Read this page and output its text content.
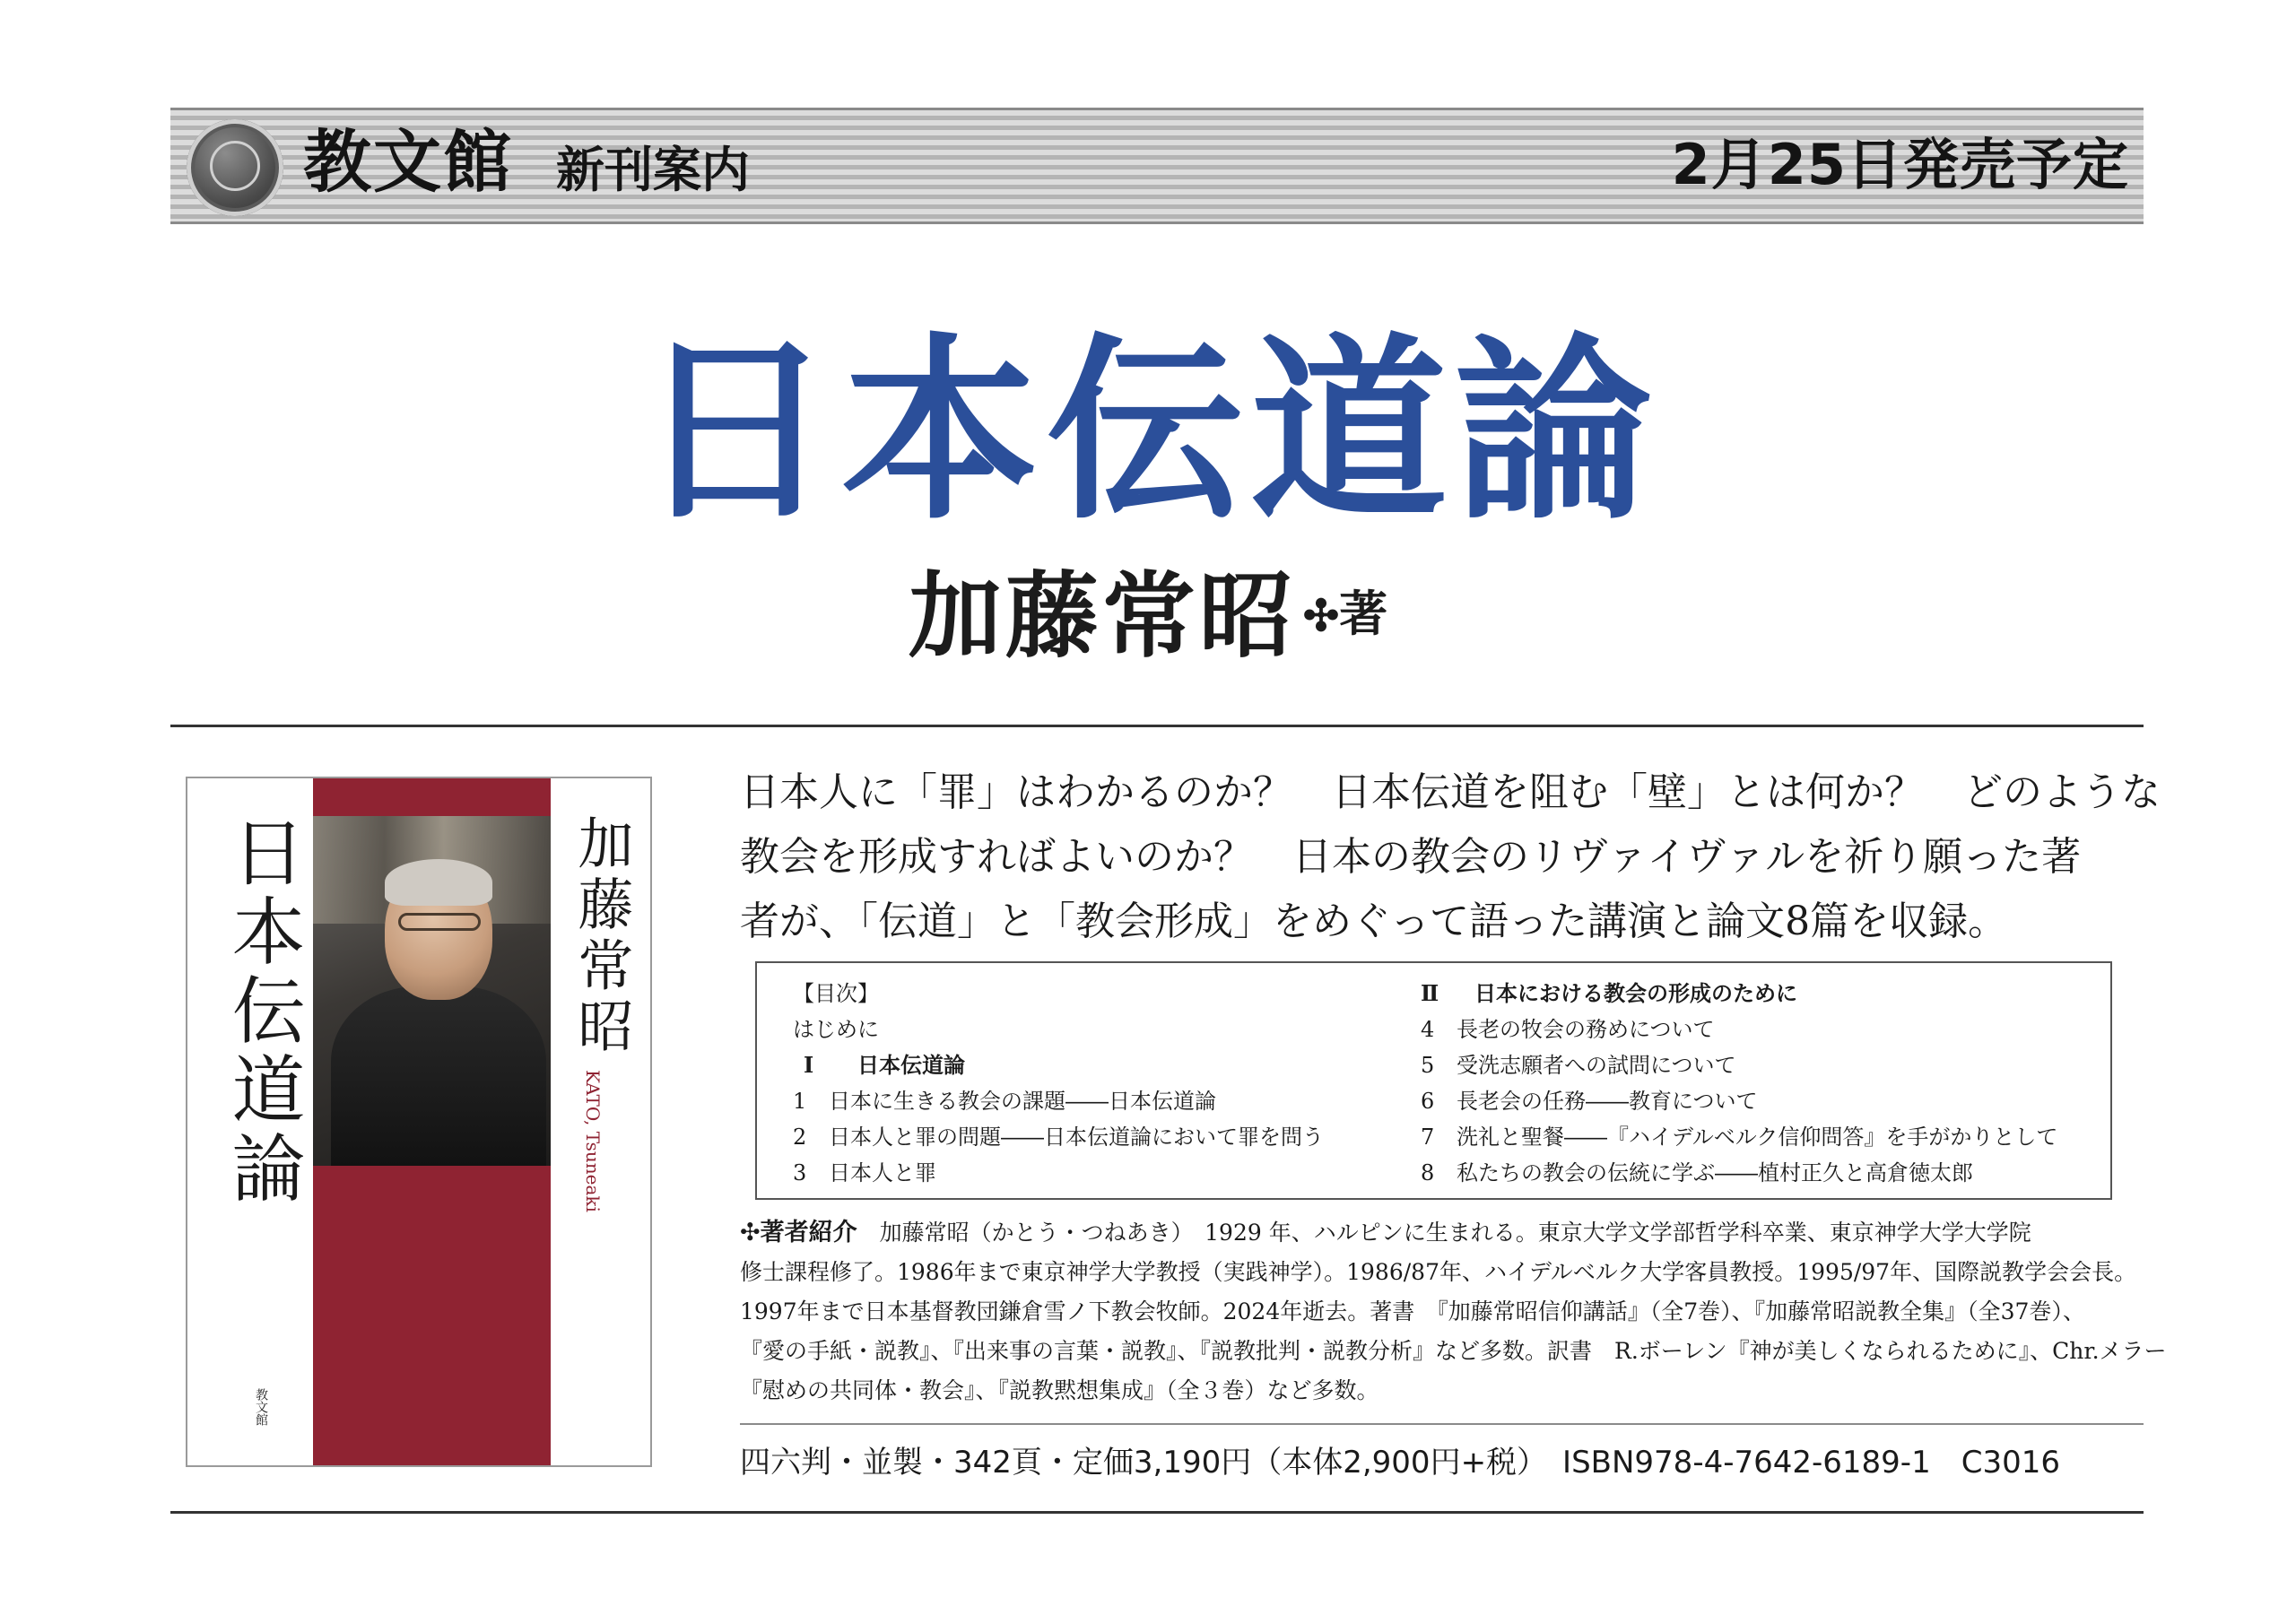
教文館 新刊案内	2月25日発売予定
日本伝道論
加藤常昭 ✣著
日本伝道論
教文館
加藤常昭
KATO, Tsuneaki
日本人に「罪」はわかるのか？　日本伝道を阻む「壁」とは何か？　どのような
教会を形成すればよいのか？　日本の教会のリヴァイヴァルを祈り願った著
者が、「伝道」と「教会形成」をめぐって語った講演と論文8篇を収録。
【目次】
はじめに
Ⅰ 日本伝道論
1 日本に生きる教会の課題――日本伝道論
2 日本人と罪の問題――日本伝道論において罪を問う
3 日本人と罪
Ⅱ 日本における教会の形成のために
4 長老の牧会の務めについて
5 受洗志願者への試問について
6 長老会の任務――教育について
7 洗礼と聖餐――『ハイデルベルク信仰問答』を手がかりとして
8 私たちの教会の伝統に学ぶ――植村正久と高倉徳太郎
✣著者紹介　 加藤常昭（かとう・つねあき）　1929 年、ハルピンに生まれる。東京大学文学部哲学科卒業、東京神学大学大学院
修士課程修了。1986年まで東京神学大学教授（実践神学）。1986/87年、ハイデルベルク大学客員教授。1995/97年、国際説教学会会長。
1997年まで日本基督教団鎌倉雪ノ下教会牧師。2024年逝去。著書　『加藤常昭信仰講話』（全7巻）、『加藤常昭説教全集』（全37巻）、
『愛の手紙・説教』、『出来事の言葉・説教』、『説教批判・説教分析』など多数。訳書　R.ボーレン『神が美しくなられるために』、Chr.メラー
『慰めの共同体・教会』、『説教黙想集成』（全３巻）など多数。
四六判・並製・342頁・定価3,190円（本体2,900円+税）　ISBN978-4-7642-6189-1　C3016
